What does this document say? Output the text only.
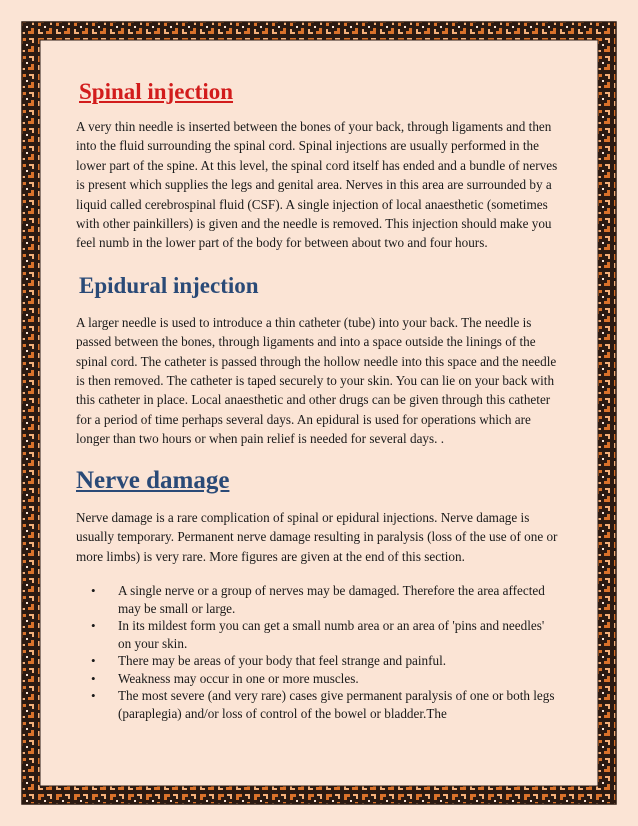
Spinal injection

A very thin needle is inserted between the bones of your back, through ligaments and then into the fluid surrounding the spinal cord. Spinal injections are usually performed in the lower part of the spine. At this level, the spinal cord itself has ended and a bundle of nerves is present which supplies the legs and genital area. Nerves in this area are surrounded by a liquid called cerebrospinal fluid (CSF). A single injection of local anaesthetic (sometimes with other painkillers) is given and the needle is removed. This injection should make you feel numb in the lower part of the body for between about two and four hours.

Epidural injection

A larger needle is used to introduce a thin catheter (tube) into your back. The needle is passed between the bones, through ligaments and into a space outside the linings of the spinal cord. The catheter is passed through the hollow needle into this space and the needle is then removed. The catheter is taped securely to your skin. You can lie on your back with this catheter in place. Local anaesthetic and other drugs can be given through this catheter for a period of time perhaps several days. An epidural is used for operations which are longer than two hours or when pain relief is needed for several days. .

Nerve damage

Nerve damage is a rare complication of spinal or epidural injections. Nerve damage is usually temporary. Permanent nerve damage resulting in paralysis (loss of the use of one or more limbs) is very rare. More figures are given at the end of this section.

• A single nerve or a group of nerves may be damaged. Therefore the area affected may be small or large.
• In its mildest form you can get a small numb area or an area of 'pins and needles' on your skin.
• There may be areas of your body that feel strange and painful.
• Weakness may occur in one or more muscles.
• The most severe (and very rare) cases give permanent paralysis of one or both legs (paraplegia) and/or loss of control of the bowel or bladder.The
